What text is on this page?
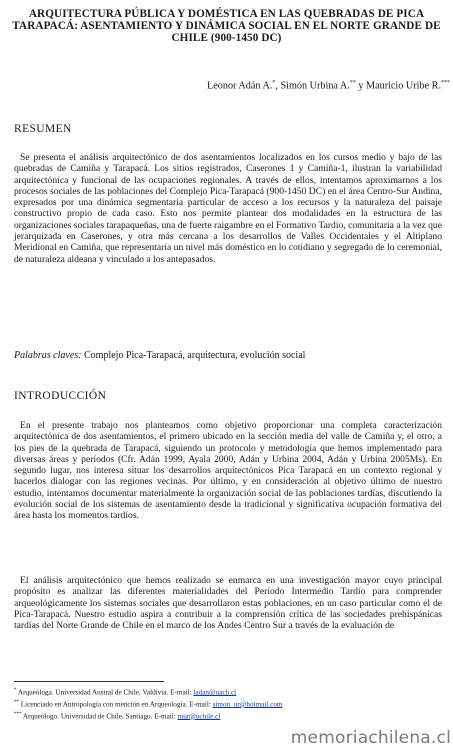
ARQUITECTURA PÚBLICA Y DOMÉSTICA EN LAS QUEBRADAS DE PICA TARAPACÁ: ASENTAMIENTO Y DINÁMICA SOCIAL EN EL NORTE GRANDE DE CHILE (900-1450 DC)
Leonor Adán A.*, Simón Urbina A.** y Mauricio Uribe R.***
RESUMEN
Se presenta el análisis arquitectónico de dos asentamientos localizados en los cursos medio y bajo de las quebradas de Camiña y Tarapacá. Los sitios registrados, Caserones 1 y Camiña-1, ilustran la variabilidad arquitectónica y funcional de las ocupaciones regionales. A través de ellos, intentamos aproximarnos a los procesos sociales de las poblaciones del Complejo Pica-Tarapacá (900-1450 DC) en el área Centro-Sur Andina, expresados por una dinámica segmentaria particular de acceso a los recursos y la naturaleza del paisaje constructivo propio de cada caso. Esto nos permite plantear dos modalidades en la estructura de las organizaciones sociales tarapaqueñas, una de fuerte raigambre en el Formativo Tardío, comunitaria a la vez que jerarquizada en Caserones, y otra más cercana a los desarrollos de Valles Occidentales y el Altiplano Meridional en Camiña, que representaría un nivel más doméstico en lo cotidiano y segregado de lo ceremonial, de naturaleza aldeana y vinculado a los antepasados.
Palabras claves: Complejo Pica-Tarapacá, arquitectura, evolución social
INTRODUCCIÓN
En el presente trabajo nos planteamos como objetivo proporcionar una completa caracterización arquitectónica de dos asentamientos, el primero ubicado en la sección media del valle de Camiña y, el otro, a los pies de la quebrada de Tarapacá, siguiendo un protocolo y metodología que hemos implementado para diversas áreas y períodos (Cfr. Adán 1999, Ayala 2000, Adán y Urbina 2004, Adán y Urbina 2005Ms). En segundo lugar, nos interesa situar los desarrollos arquitectónicos Pica Tarapacá en un contexto regional y hacerlos dialogar con las regiones vecinas. Por último, y en consideración al objetivo último de nuestro estudio, intentamos documentar materialmente la organización social de las poblaciones tardías, discutiendo la evolución social de los sistemas de asentamiento desde la tradicional y significativa ocupación formativa del área hasta los momentos tardíos.
El análisis arquitectónico que hemos realizado se enmarca en una investigación mayor cuyo principal propósito es analizar las diferentes materialidades del Período Intermedio Tardío para comprender arqueológicamente los sistemas sociales que desarrollaron estas poblaciones, en un caso particular como el de Pica-Tarapacá. Nuestro estudio aspira a contribuir a la comprensión crítica de las sociedades prehispánicas tardías del Norte Grande de Chile en el marco de los Andes Centro Sur a través de la evaluación de
* Arqueóloga. Universidad Austral de Chile, Valdivia. E-mail: ladan@uach.cl
** Licenciado en Antropología con mención en Arqueología. E-mail: simon_ur@hotmail.com
*** Arqueólogo. Universidad de Chile, Santiago. E-mail: mur@uchile.cl
memoriachilena.cl
